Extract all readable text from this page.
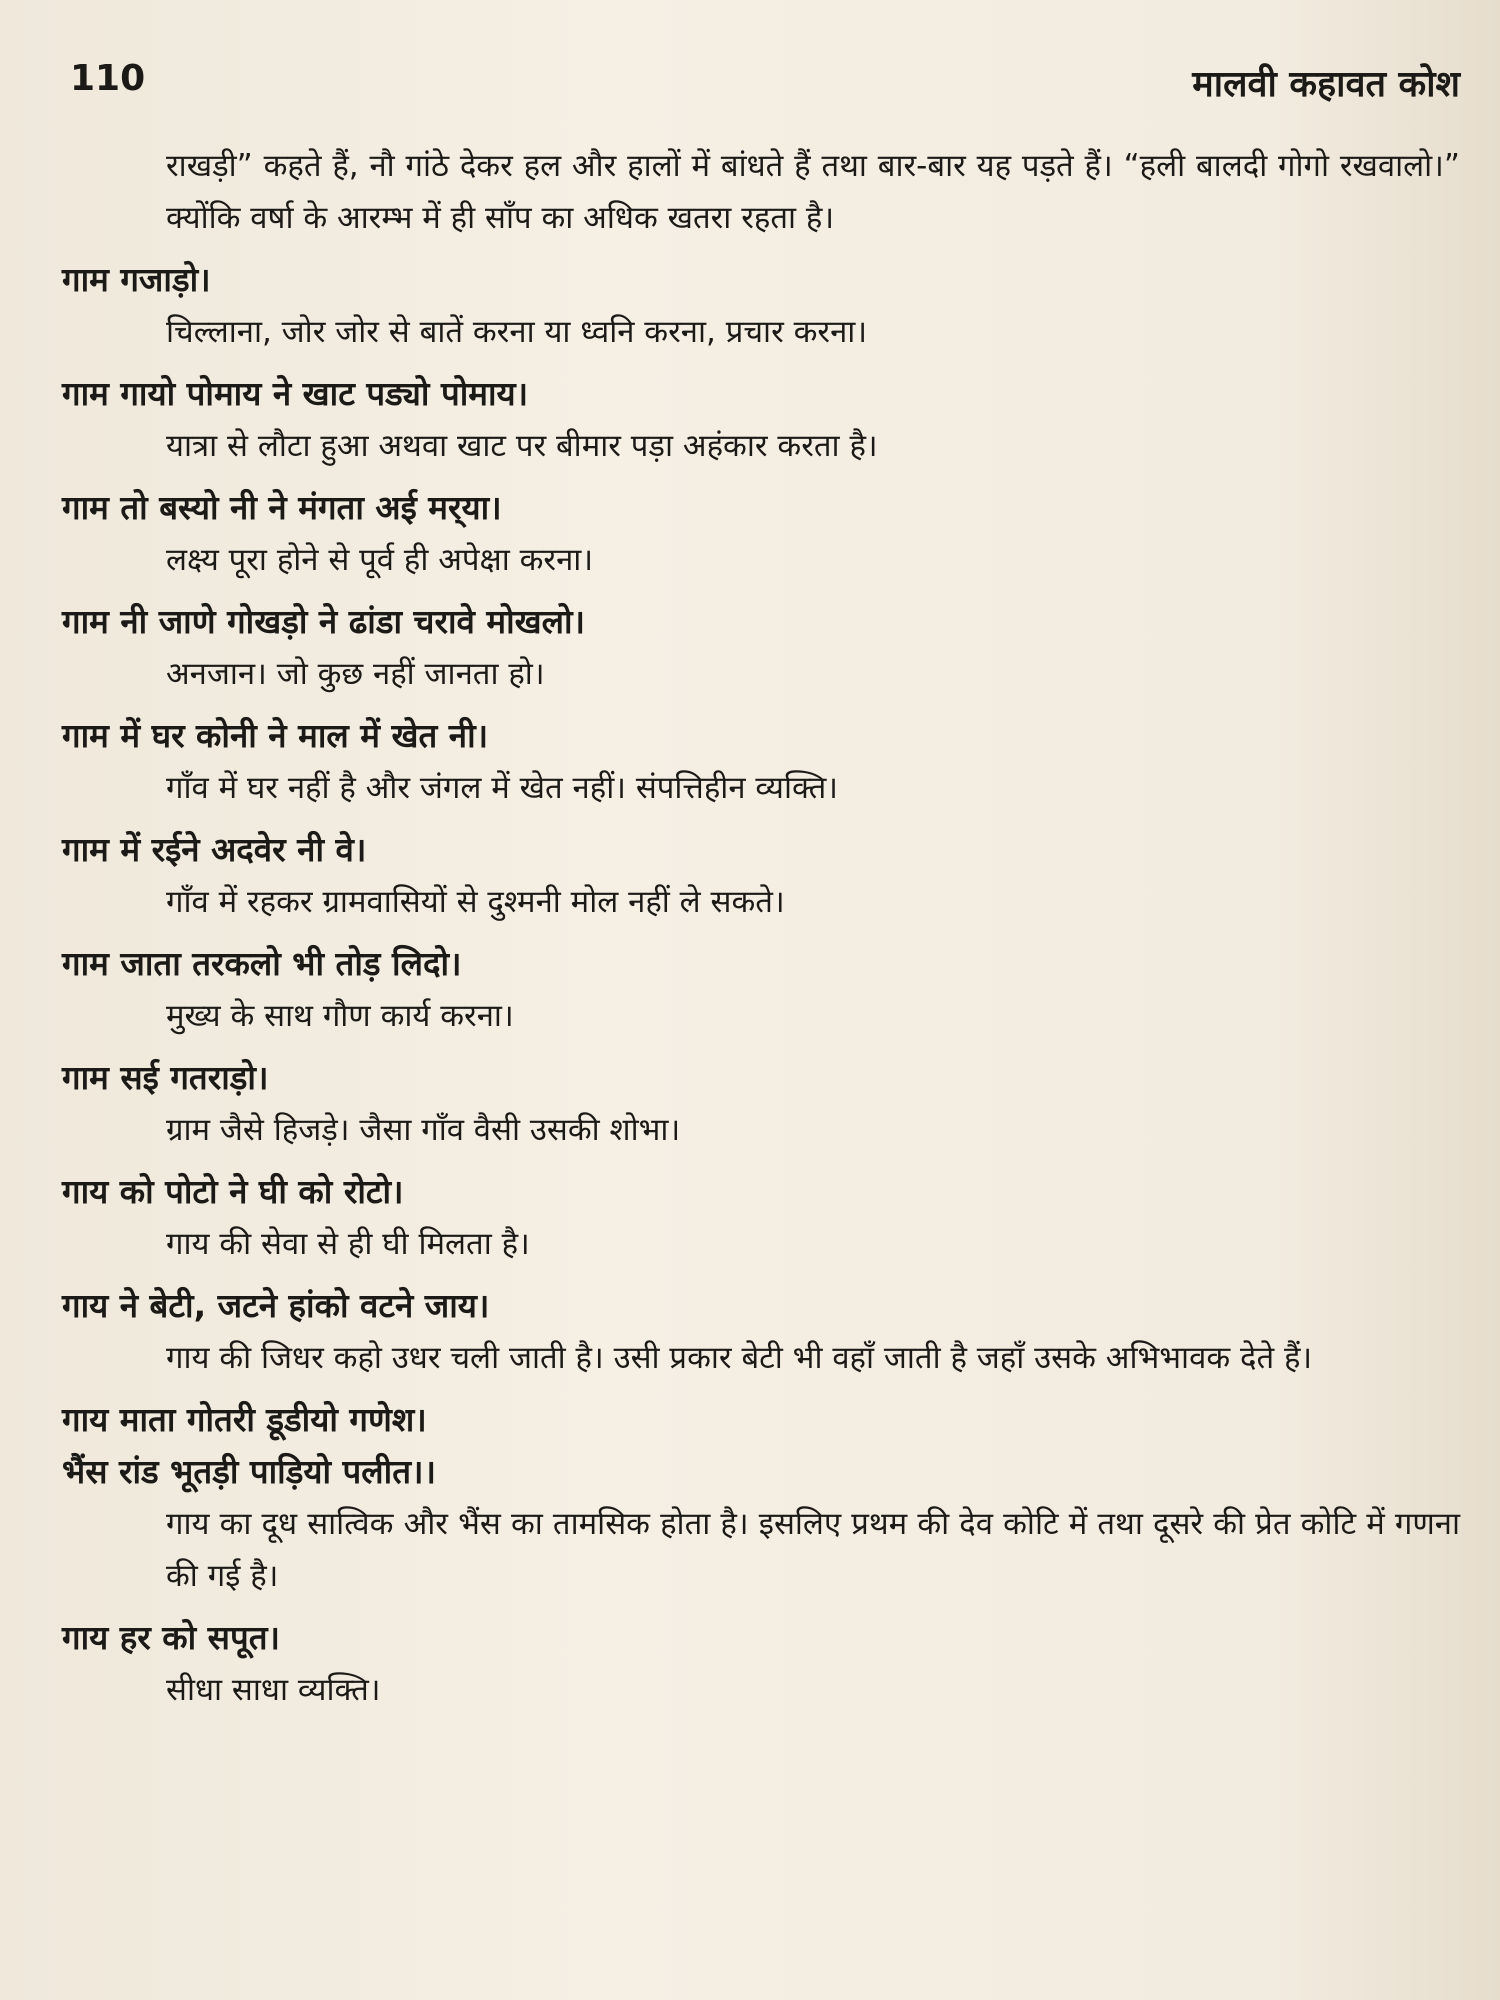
110	मालवी कहावत कोश
राखड़ी” कहते हैं, नौ गांठे देकर हल और हालों में बांधते हैं तथा बार-बार यह पड़ते हैं। “हली बालदी गोगो रखवालो।” क्योंकि वर्षा के आरम्भ में ही साँप का अधिक खतरा रहता है।
गाम गजाड़ो।
चिल्लाना, जोर जोर से बातें करना या ध्वनि करना, प्रचार करना।
गाम गायो पोमाय ने खाट पड्यो पोमाय।
यात्रा से लौटा हुआ अथवा खाट पर बीमार पड़ा अहंकार करता है।
गाम तो बस्यो नी ने मंगता अई मर्‌या।
लक्ष्य पूरा होने से पूर्व ही अपेक्षा करना।
गाम नी जाणे गोखड़ो ने ढांडा चरावे मोखलो।
अनजान। जो कुछ नहीं जानता हो।
गाम में घर कोनी ने माल में खेत नी।
गाँव में घर नहीं है और जंगल में खेत नहीं। संपत्तिहीन व्यक्ति।
गाम में रईने अदवेर नी वे।
गाँव में रहकर ग्रामवासियों से दुश्मनी मोल नहीं ले सकते।
गाम जाता तरकलो भी तोड़ लिदो।
मुख्य के साथ गौण कार्य करना।
गाम सई गतराड़ो।
ग्राम जैसे हिजड़े। जैसा गाँव वैसी उसकी शोभा।
गाय को पोटो ने घी को रोटो।
गाय की सेवा से ही घी मिलता है।
गाय ने बेटी, जटने हांको वटने जाय।
गाय की जिधर कहो उधर चली जाती है। उसी प्रकार बेटी भी वहाँ जाती है जहाँ उसके अभिभावक देते हैं।
गाय माता गोतरी डूडीयो गणेश।
भैंस रांड भूतड़ी पाड़ियो पलीत।।
गाय का दूध सात्विक और भैंस का तामसिक होता है। इसलिए प्रथम की देव कोटि में तथा दूसरे की प्रेत कोटि में गणना की गई है।
गाय हर को सपूत।
सीधा साधा व्यक्ति।
